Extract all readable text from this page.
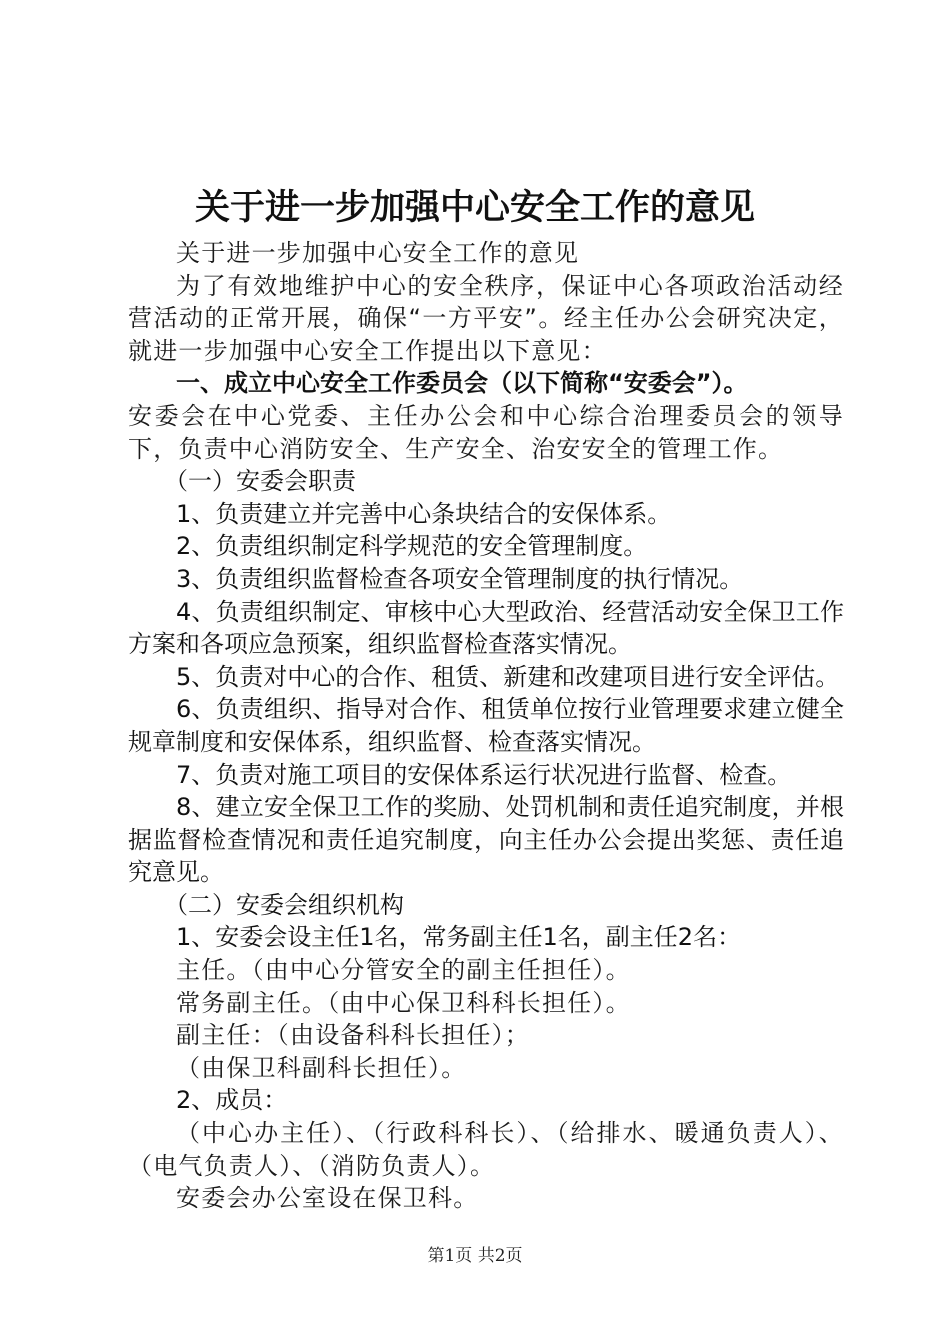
关于进一步加强中心安全工作的意见

关于进一步加强中心安全工作的意见

为了有效地维护中心的安全秩序，保证中心各项政治活动经营活动的正常开展，确保“一方平安”。经主任办公会研究决定，就进一步加强中心安全工作提出以下意见：

一、成立中心安全工作委员会（以下简称“安委会”）。

安委会在中心党委、主任办公会和中心综合治理委员会的领导下，负责中心消防安全、生产安全、治安安全的管理工作。

（一）安委会职责

1、负责建立并完善中心条块结合的安保体系。

2、负责组织制定科学规范的安全管理制度。

3、负责组织监督检查各项安全管理制度的执行情况。

4、负责组织制定、审核中心大型政治、经营活动安全保卫工作方案和各项应急预案，组织监督检查落实情况。

5、负责对中心的合作、租赁、新建和改建项目进行安全评估。

6、负责组织、指导对合作、租赁单位按行业管理要求建立健全规章制度和安保体系，组织监督、检查落实情况。

7、负责对施工项目的安保体系运行状况进行监督、检查。

8、建立安全保卫工作的奖励、处罚机制和责任追究制度，并根据监督检查情况和责任追究制度，向主任办公会提出奖惩、责任追究意见。

（二）安委会组织机构

1、安委会设主任1名，常务副主任1名，副主任2名：

主任。（由中心分管安全的副主任担任）。

常务副主任。（由中心保卫科科长担任）。

副主任：（由设备科科长担任）；

（由保卫科副科长担任）。

2、成员：

（中心办主任）、（行政科科长）、（给排水、暖通负责人）、（电气负责人）、（消防负责人）。

安委会办公室设在保卫科。

第1页 共2页
